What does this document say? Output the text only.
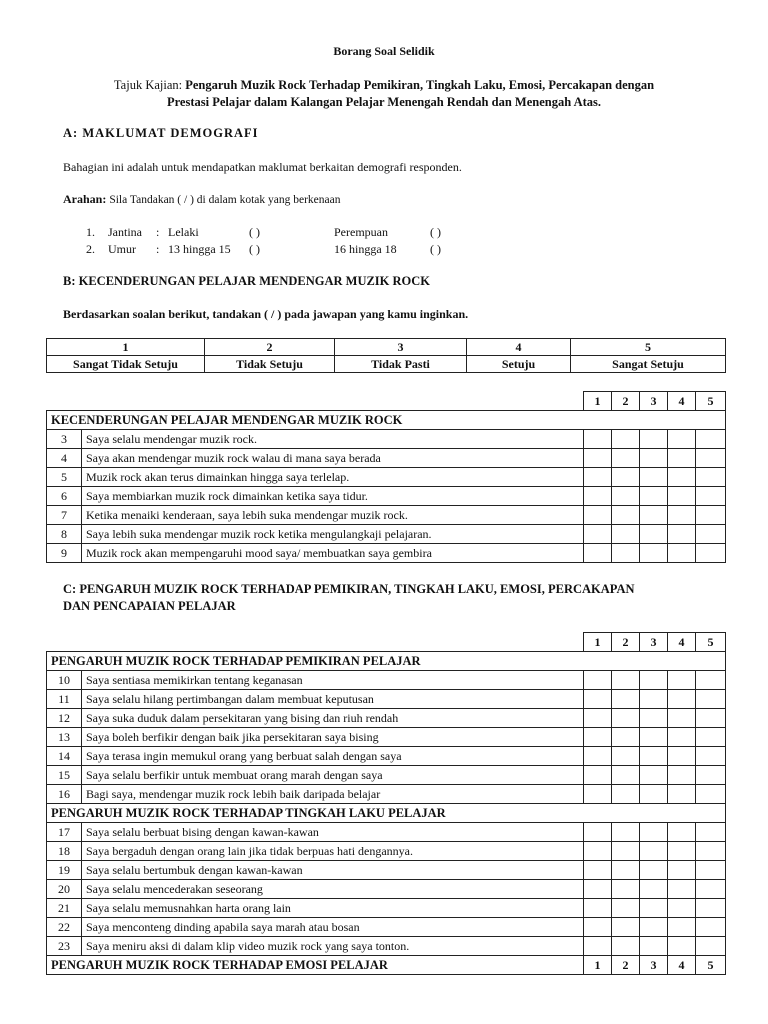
Borang Soal Selidik
Tajuk Kajian: Pengaruh Muzik Rock Terhadap Pemikiran, Tingkah Laku, Emosi, Percakapan dengan
Prestasi Pelajar dalam Kalangan Pelajar Menengah Rendah dan Menengah Atas.
A: MAKLUMAT DEMOGRAFI
Bahagian ini adalah untuk mendapatkan maklumat berkaitan demografi responden.
Arahan: Sila Tandakan ( / ) di dalam kotak yang berkenaan
1. Jantina : Lelaki	( )	Perempuan	( )
2. Umur : 13 hingga 15 ( )	16 hingga 18	( )
B: KECENDERUNGAN PELAJAR MENDENGAR MUZIK ROCK
Berdasarkan soalan berikut, tandakan ( / ) pada jawapan yang kamu inginkan.
1	2	3	4	5
Sangat Tidak Setuju	Tidak Setuju	Tidak Pasti	Setuju	Sangat Setuju
		1	2	3	4	5
KECENDERUNGAN PELAJAR MENDENGAR MUZIK ROCK						
3	Saya selalu mendengar muzik rock.					
4	Saya akan mendengar muzik rock walau di mana saya berada					
5	Muzik rock akan terus dimainkan hingga saya terlelap.					
6	Saya membiarkan muzik rock dimainkan ketika saya tidur.					
7	Ketika menaiki kenderaan, saya lebih suka mendengar muzik rock.					
8	Saya lebih suka mendengar muzik rock ketika mengulangkaji pelajaran.					
9	Muzik rock akan mempengaruhi mood saya/ membuatkan saya gembira					
C: PENGARUH MUZIK ROCK TERHADAP PEMIKIRAN, TINGKAH LAKU, EMOSI, PERCAKAPAN
DAN PENCAPAIAN PELAJAR
		1	2	3	4	5
PENGARUH MUZIK ROCK TERHADAP PEMIKIRAN PELAJAR						
10	Saya sentiasa memikirkan tentang keganasan					
11	Saya selalu hilang pertimbangan dalam membuat keputusan					
12	Saya suka duduk dalam persekitaran yang bising dan riuh rendah					
13	Saya boleh berfikir dengan baik jika persekitaran saya bising					
14	Saya terasa ingin memukul orang yang berbuat salah dengan saya					
15	Saya selalu berfikir untuk membuat orang marah dengan saya					
16	Bagi saya, mendengar muzik rock lebih baik daripada belajar					
PENGARUH MUZIK ROCK TERHADAP TINGKAH LAKU PELAJAR						
17	Saya selalu berbuat bising dengan kawan-kawan					
18	Saya bergaduh dengan orang lain jika tidak berpuas hati dengannya.					
19	Saya selalu bertumbuk dengan kawan-kawan					
20	Saya selalu mencederakan seseorang					
21	Saya selalu memusnahkan harta orang lain					
22	Saya menconteng dinding apabila saya marah atau bosan					
23	Saya meniru aksi di dalam klip video muzik rock yang saya tonton.					
PENGARUH MUZIK ROCK TERHADAP EMOSI PELAJAR		1	2	3	4	5
